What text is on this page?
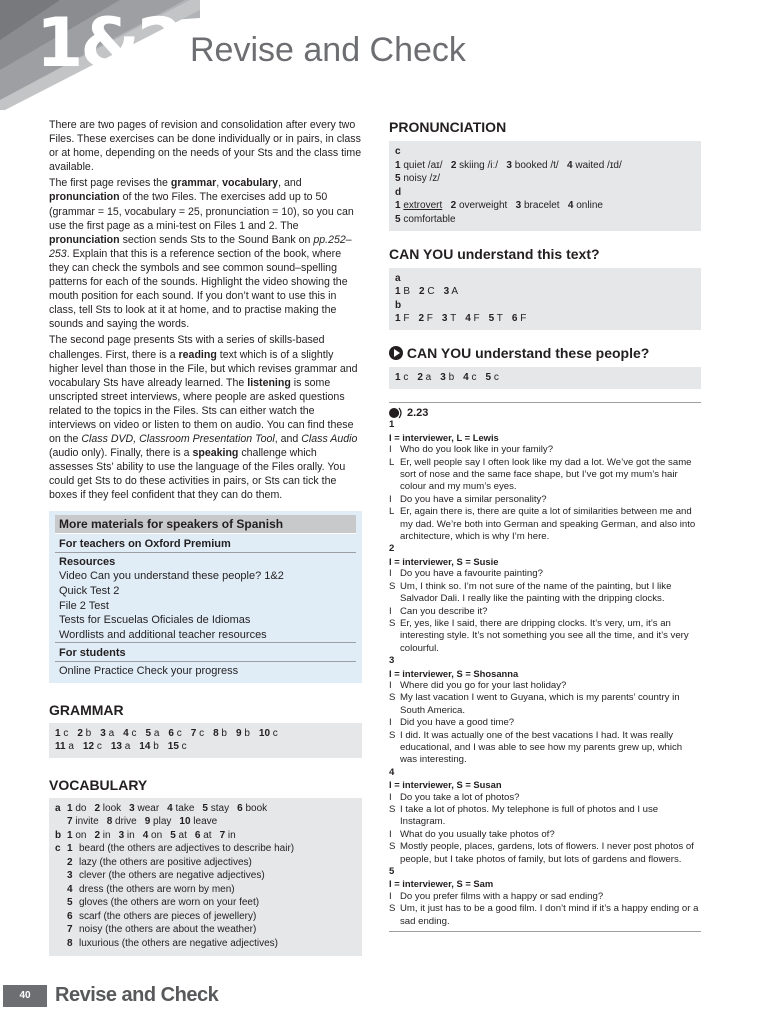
1&2 Revise and Check

There are two pages of revision and consolidation after every two Files. These exercises can be done individually or in pairs, in class or at home, depending on the needs of your Sts and the class time available.

The first page revises the grammar, vocabulary, and pronunciation of the two Files. The exercises add up to 50 (grammar = 15, vocabulary = 25, pronunciation = 10), so you can use the first page as a mini-test on Files 1 and 2. The pronunciation section sends Sts to the Sound Bank on pp.252–253. Explain that this is a reference section of the book, where they can check the symbols and see common sound–spelling patterns for each of the sounds. Highlight the video showing the mouth position for each sound. If you don’t want to use this in class, tell Sts to look at it at home, and to practise making the sounds and saying the words.

The second page presents Sts with a series of skills-based challenges. First, there is a reading text which is of a slightly higher level than those in the File, but which revises grammar and vocabulary Sts have already learned. The listening is some unscripted street interviews, where people are asked questions related to the topics in the Files. Sts can either watch the interviews on video or listen to them on audio. You can find these on the Class DVD, Classroom Presentation Tool, and Class Audio (audio only). Finally, there is a speaking challenge which assesses Sts’ ability to use the language of the Files orally. You could get Sts to do these activities in pairs, or Sts can tick the boxes if they feel confident that they can do them.

More materials for speakers of Spanish
For teachers on Oxford Premium
Resources
Video Can you understand these people? 1&2
Quick Test 2
File 2 Test
Tests for Escuelas Oficiales de Idiomas
Wordlists and additional teacher resources
For students
Online Practice Check your progress
GRAMMAR
1 c 2 b 3 a 4 c 5 a 6 c 7 c 8 b 9 b 10 c
11 a 12 c 13 a 14 b 15 c
VOCABULARY
a 1 do 2 look 3 wear 4 take 5 stay 6 book
7 invite 8 drive 9 play 10 leave
b 1 on 2 in 3 in 4 on 5 at 6 at 7 in
c 1 beard (the others are adjectives to describe hair)
2 lazy (the others are positive adjectives)
3 clever (the others are negative adjectives)
4 dress (the others are worn by men)
5 gloves (the others are worn on your feet)
6 scarf (the others are pieces of jewellery)
7 noisy (the others are about the weather)
8 luxurious (the others are negative adjectives)
PRONUNCIATION
c
1 quiet /aɪ/ 2 skiing /iː/ 3 booked /t/ 4 waited /ɪd/
5 noisy /z/
d
1 extrovert 2 overweight 3 bracelet 4 online
5 comfortable
CAN YOU understand this text?
a
1 B 2 C 3 A
b
1 F 2 F 3 T 4 F 5 T 6 F
CAN YOU understand these people?
1 c 2 a 3 b 4 c 5 c
2.23
1
I = interviewer, L = Lewis
I Who do you look like in your family?
L Er, well people say I often look like my dad a lot. We’ve got the same sort of nose and the same face shape, but I’ve got my mum’s hair colour and my mum’s eyes.
I Do you have a similar personality?
L Er, again there is, there are quite a lot of similarities between me and my dad. We’re both into German and speaking German, and also into architecture, which is why I’m here.
2
I = interviewer, S = Susie
I Do you have a favourite painting?
S Um, I think so. I’m not sure of the name of the painting, but I like Salvador Dali. I really like the painting with the dripping clocks.
I Can you describe it?
S Er, yes, like I said, there are dripping clocks. It’s very, um, it’s an interesting style. It’s not something you see all the time, and it’s very colourful.
3
I = interviewer, S = Shosanna
I Where did you go for your last holiday?
S My last vacation I went to Guyana, which is my parents’ country in South America.
I Did you have a good time?
S I did. It was actually one of the best vacations I had. It was really educational, and I was able to see how my parents grew up, which was interesting.
4
I = interviewer, S = Susan
I Do you take a lot of photos?
S I take a lot of photos. My telephone is full of photos and I use Instagram.
I What do you usually take photos of?
S Mostly people, places, gardens, lots of flowers. I never post photos of people, but I take photos of family, but lots of gardens and flowers.
5
I = interviewer, S = Sam
I Do you prefer films with a happy or sad ending?
S Um, it just has to be a good film. I don’t mind if it’s a happy ending or a sad ending.
40	Revise and Check
